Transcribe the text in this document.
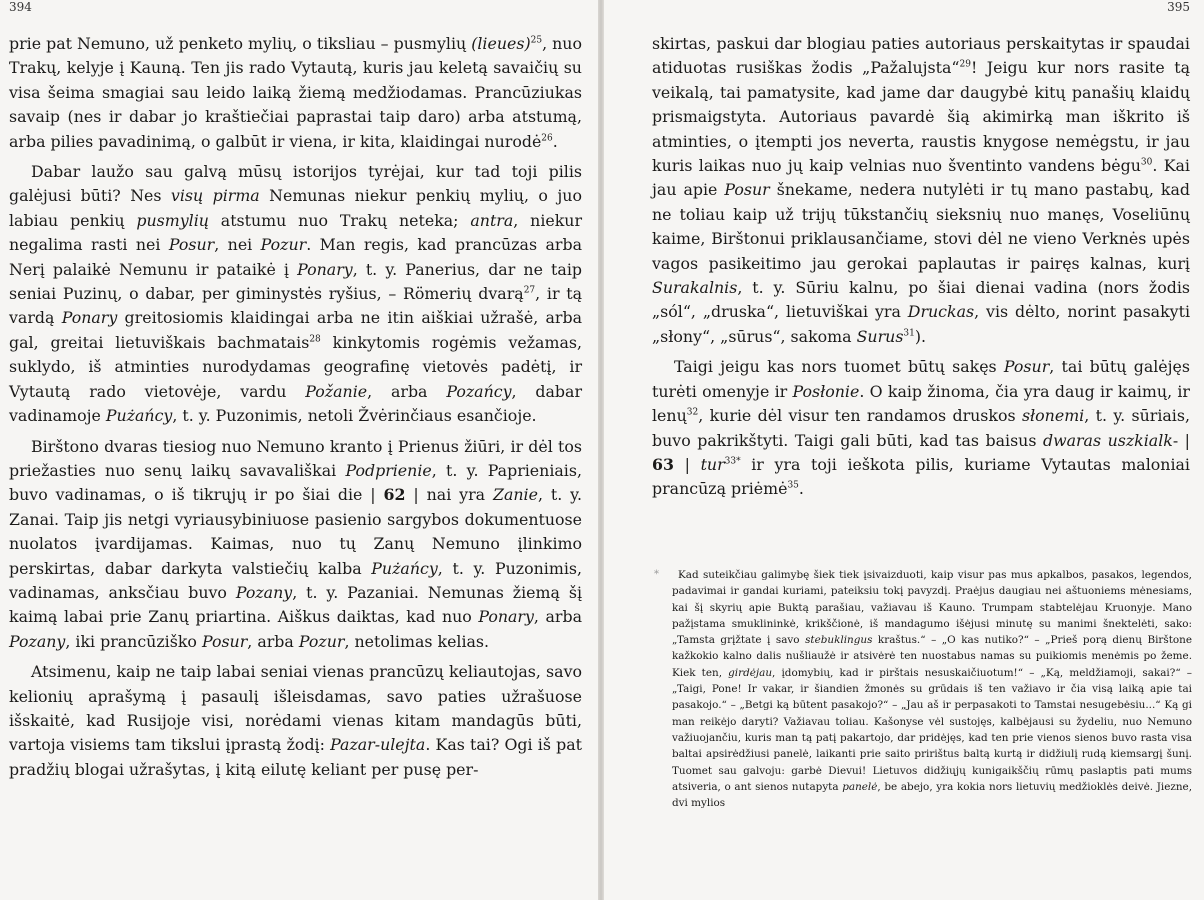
394

prie pat Nemuno, už penketo mylių, o tiksliau – pusmylių (lieues)$^{25}$, nuo Trakų, kelyje į Kauną. Ten jis rado Vytautą, kuris jau keletą savaičių su visa šeima smagiai sau leido laiką žiemą medžiodamas. Prancūziukas savaip (nes ir dabar jo kraštiečiai paprastai taip daro) arba atstumą, arba pilies pavadinimą, o galbūt ir viena, ir kita, klaidingai nurodė$^{26}$.

Dabar laužo sau galvą mūsų istorijos tyrėjai, kur tad toji pilis galėjusi būti? Nes visų pirma Nemunas niekur penkių mylių, o juo labiau penkių pusmylių atstumu nuo Trakų neteka; antra, niekur negalima rasti nei Posur, nei Pozur. Man regis, kad prancūzas arba Nerį palaikė Nemunu ir pataikė į Ponary, t. y. Panerius, dar ne taip seniai Puzinų, o dabar, per giminystės ryšius, – Römerių dvarą$^{27}$, ir tą vardą Ponary greitosiomis klaidingai arba ne itin aiškiai užrašė, arba gal, greitai lietuviškais bachmatais$^{28}$ kinkytomis rogėmis vežamas, suklydo, iš atminties nurodydamas geografinę vietovės padėtį, ir Vytautą rado vietovėje, vardu Požanie, arba Pozańcy, dabar vadinamoje Pużańcy, t. y. Puzonimis, netoli Žvėrinčiaus esančioje.

Birštono dvaras tiesiog nuo Nemuno kranto į Prienus žiūri, ir dėl tos priežasties nuo senų laikų savavališkai Podprienie, t. y. Paprieniais, buvo vadinamas, o iš tikrųjų ir po šiai die | 62 | nai yra Zanie, t. y. Zanai. Taip jis netgi vyriausybiniuose pasienio sargybos dokumentuose nuolatos įvardijamas. Kaimas, nuo tų Zanų Nemuno įlinkimo perskirtas, dabar darkyta valstiečių kalba Pużańcy, t. y. Puzonimis, vadinamas, anksčiau buvo Pozany, t. y. Pazaniai. Nemunas žiemą šį kaimą labai prie Zanų priartina. Aiškus daiktas, kad nuo Ponary, arba Pozany, iki prancūziško Posur, arba Pozur, netolimas kelias.

Atsimenu, kaip ne taip labai seniai vienas prancūzų keliautojas, savo kelionių aprašymą į pasaulį išleisdamas, savo paties užrašuose išskaitė, kad Rusijoje visi, norėdami vienas kitam mandagūs būti, vartoja visiems tam tikslui įprastą žodį: Pazar-ulejta. Kas tai? Ogi iš pat pradžių blogai užrašytas, į kitą eilutę keliant per pusę per-

395

skirtas, paskui dar blogiau paties autoriaus perskaitytas ir spaudai atiduotas rusiškas žodis „Pažalujsta“$^{29}$! Jeigu kur nors rasite tą veikalą, tai pamatysite, kad jame dar daugybė kitų panašių klaidų prismaigstyta. Autoriaus pavardė šią akimirką man iškrito iš atminties, o įtempti jos neverta, raustis knygose nemėgstu, ir jau kuris laikas nuo jų kaip velnias nuo šventinto vandens bėgu$^{30}$. Kai jau apie Posur šnekame, nedera nutylėti ir tų mano pastabų, kad ne toliau kaip už trijų tūkstančių sieksnių nuo manęs, Voseliūnų kaime, Birštonui priklausančiame, stovi dėl ne vieno Verknės upės vagos pasikeitimo jau gerokai paplautas ir pairęs kalnas, kurį Surakalnis, t. y. Sūriu kalnu, po šiai dienai vadina (nors žodis „sól“, „druska“, lietuviškai yra Druckas, vis dėlto, norint pasakyti „słony“, „sūrus“, sakoma Surus$^{31}$).

Taigi jeigu kas nors tuomet būtų sakęs Posur, tai būtų galėjęs turėti omenyje ir Posłonie. O kaip žinoma, čia yra daug ir kaimų, ir lenų$^{32}$, kurie dėl visur ten randamos druskos słonemi, t. y. sūriais, buvo pakrikštyti. Taigi gali būti, kad tas baisus dwaras uszkialk- | 63 | tur$^{33*}$ ir yra toji ieškota pilis, kuriame Vytautas maloniai prancūzą priėmė$^{35}$.

*	Kad suteikčiau galimybę šiek tiek įsivaizduoti, kaip visur pas mus apkalbos, pasakos, legendos, padavimai ir gandai kuriami, pateiksiu tokį pavyzdį. Praėjus daugiau nei aštuoniems mėnesiams, kai šį skyrių apie Buktą parašiau, važiavau iš Kauno. Trumpam stabtelėjau Kruonyje. Mano pažįstama smuklininkė, krikščionė, iš mandagumo išėjusi minutę su manimi šnektelėti, sako: „Tamsta grįžtate į savo stebuklingus kraštus.“ – „O kas nutiko?“ – „Prieš porą dienų Birštone kažkokio kalno dalis nušliaužė ir atsivėrė ten nuostabus namas su puikiomis menėmis po žeme. Kiek ten, girdėjau, įdomybių, kad ir pirštais nesuskaičiuotum!“ – „Ką, meldžiamoji, sakai?“ – „Taigi, Pone! Ir vakar, ir šiandien žmonės su grūdais iš ten važiavo ir čia visą laiką apie tai pasakojo.“ – „Betgi ką būtent pasakojo?“ – „Jau aš ir perpasakoti to Tamstai nesugebėsiu...“ Ką gi man reikėjo daryti? Važiavau toliau. Kašonyse vėl sustojęs, kalbėjausi su žydeliu, nuo Nemuno važiuojančiu, kuris man tą patį pakartojo, dar pridėjęs, kad ten prie vienos sienos buvo rasta visa baltai apsirėdžiusi panelė, laikanti prie saito pririštus baltą kurtą ir didžiulį rudą kiemsargį šunį. Tuomet sau galvoju: garbė Dievui! Lietuvos didžiųjų kunigaikščių rūmų paslaptis pati mums atsiveria, o ant sienos nutapyta panelė, be abejo, yra kokia nors lietuvių medžioklės deivė. Jiezne, dvi mylios
